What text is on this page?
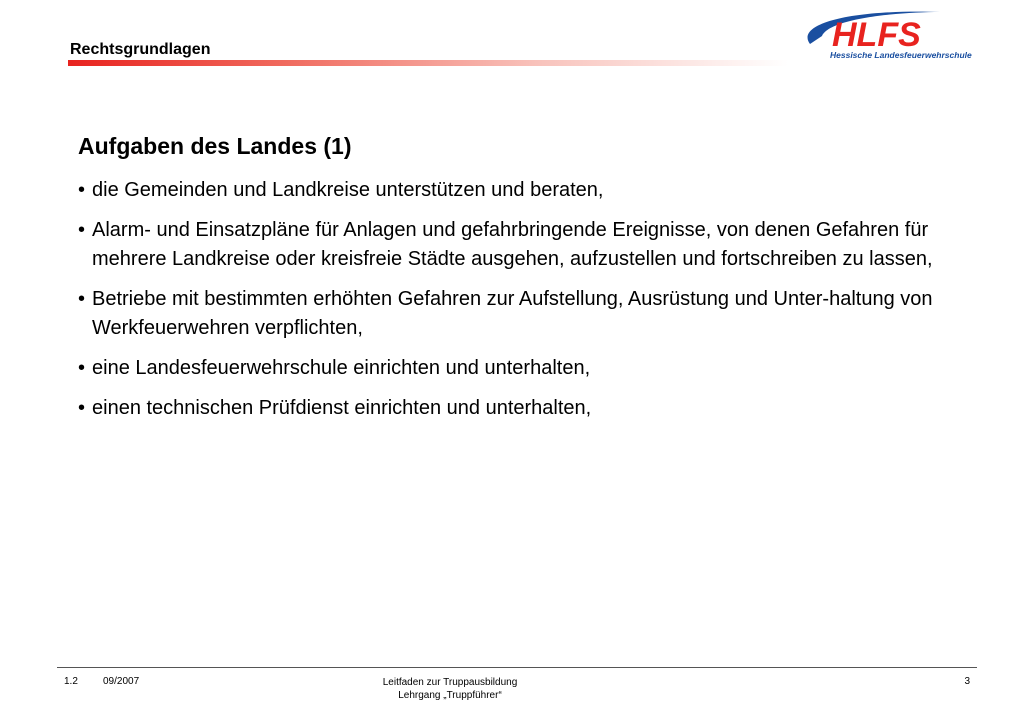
Rechtsgrundlagen	HLFS
Hessische Landesfeuerwehrschule
Aufgaben des Landes (1)
• die Gemeinden und Landkreise unterstützen und beraten,
• Alarm- und Einsatzpläne für Anlagen und gefahrbringende Ereignisse, von denen Gefahren für mehrere Landkreise oder kreisfreie Städte ausgehen, aufzustellen und fortschreiben zu lassen,
• Betriebe mit bestimmten erhöhten Gefahren zur Aufstellung, Ausrüstung und Unter-haltung von Werkfeuerwehren verpflichten,
• eine Landesfeuerwehrschule einrichten und unterhalten,
• einen technischen Prüfdienst einrichten und unterhalten,
1.2	09/2007	Leitfaden zur Truppausbildung
Lehrgang „Truppführer“
3
